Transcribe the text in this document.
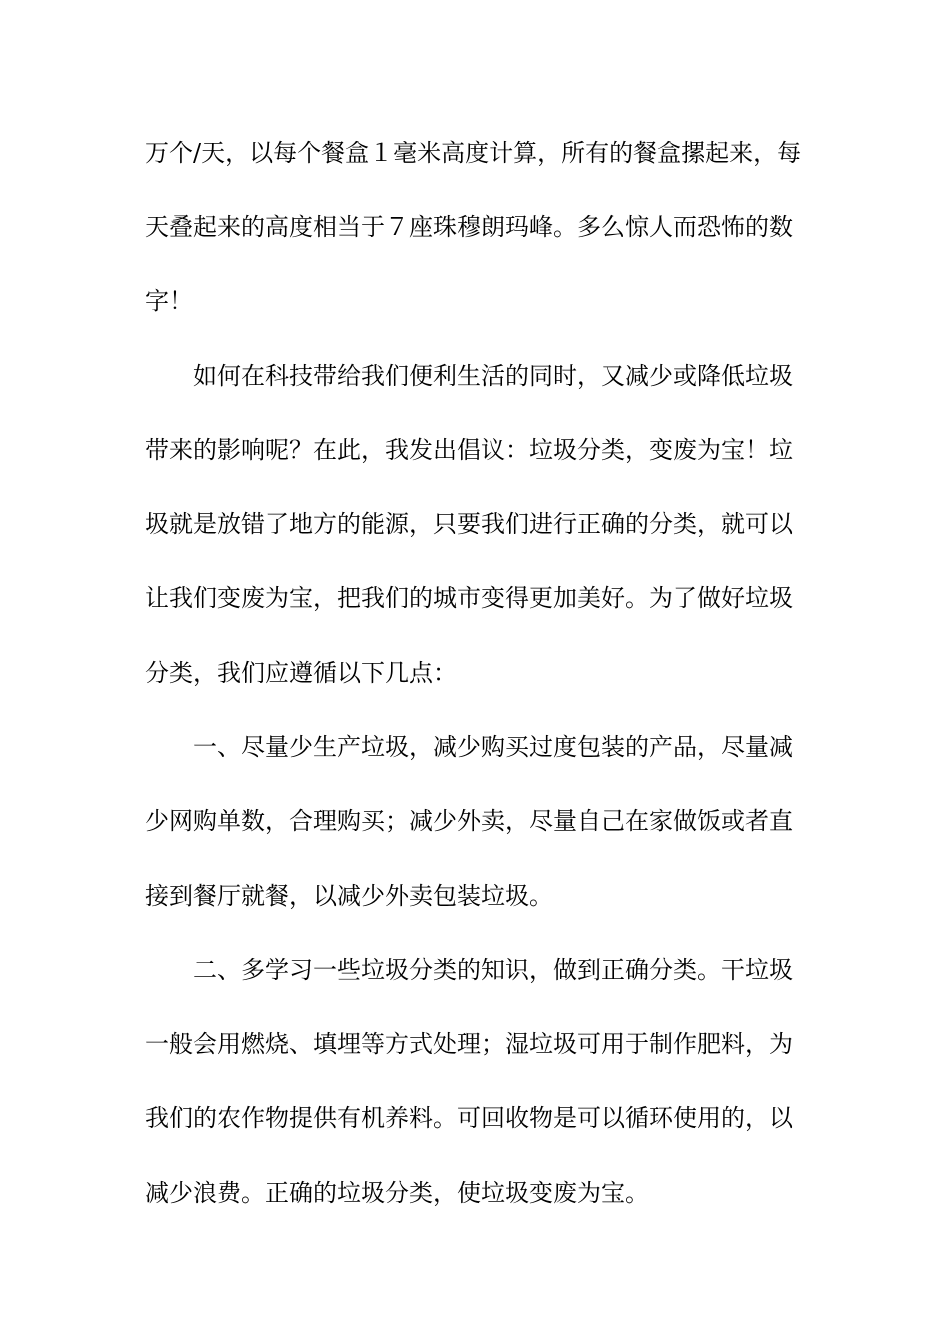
万个/天，以每个餐盒１毫米高度计算，所有的餐盒摞起来，每

天叠起来的高度相当于７座珠穆朗玛峰。多么惊人而恐怖的数

字！

如何在科技带给我们便利生活的同时，又减少或降低垃圾

带来的影响呢？在此，我发出倡议：垃圾分类，变废为宝！垃

圾就是放错了地方的能源，只要我们进行正确的分类，就可以

让我们变废为宝，把我们的城市变得更加美好。为了做好垃圾

分类，我们应遵循以下几点：

一、尽量少生产垃圾，减少购买过度包装的产品，尽量减

少网购单数，合理购买；减少外卖，尽量自己在家做饭或者直

接到餐厅就餐，以减少外卖包装垃圾。

二、多学习一些垃圾分类的知识，做到正确分类。干垃圾

一般会用燃烧、填埋等方式处理；湿垃圾可用于制作肥料，为

我们的农作物提供有机养料。可回收物是可以循环使用的，以

减少浪费。正确的垃圾分类，使垃圾变废为宝。
